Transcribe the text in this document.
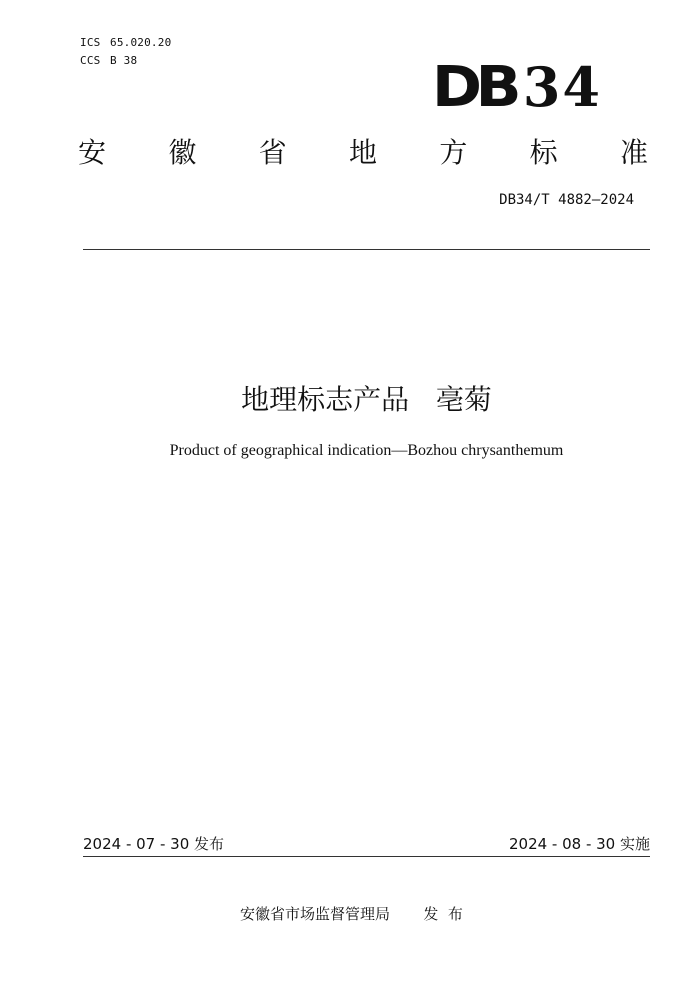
ICS 65.020.20
CCS B 38	DB 34
安 徽 省 地 方 标 准
DB34/T 4882—2024
地理标志产品   亳菊
Product of geographical indication—Bozhou chrysanthemum
2024 - 07 - 30 发布	2024 - 08 - 30 实施
安徽省市场监督管理局       发  布
